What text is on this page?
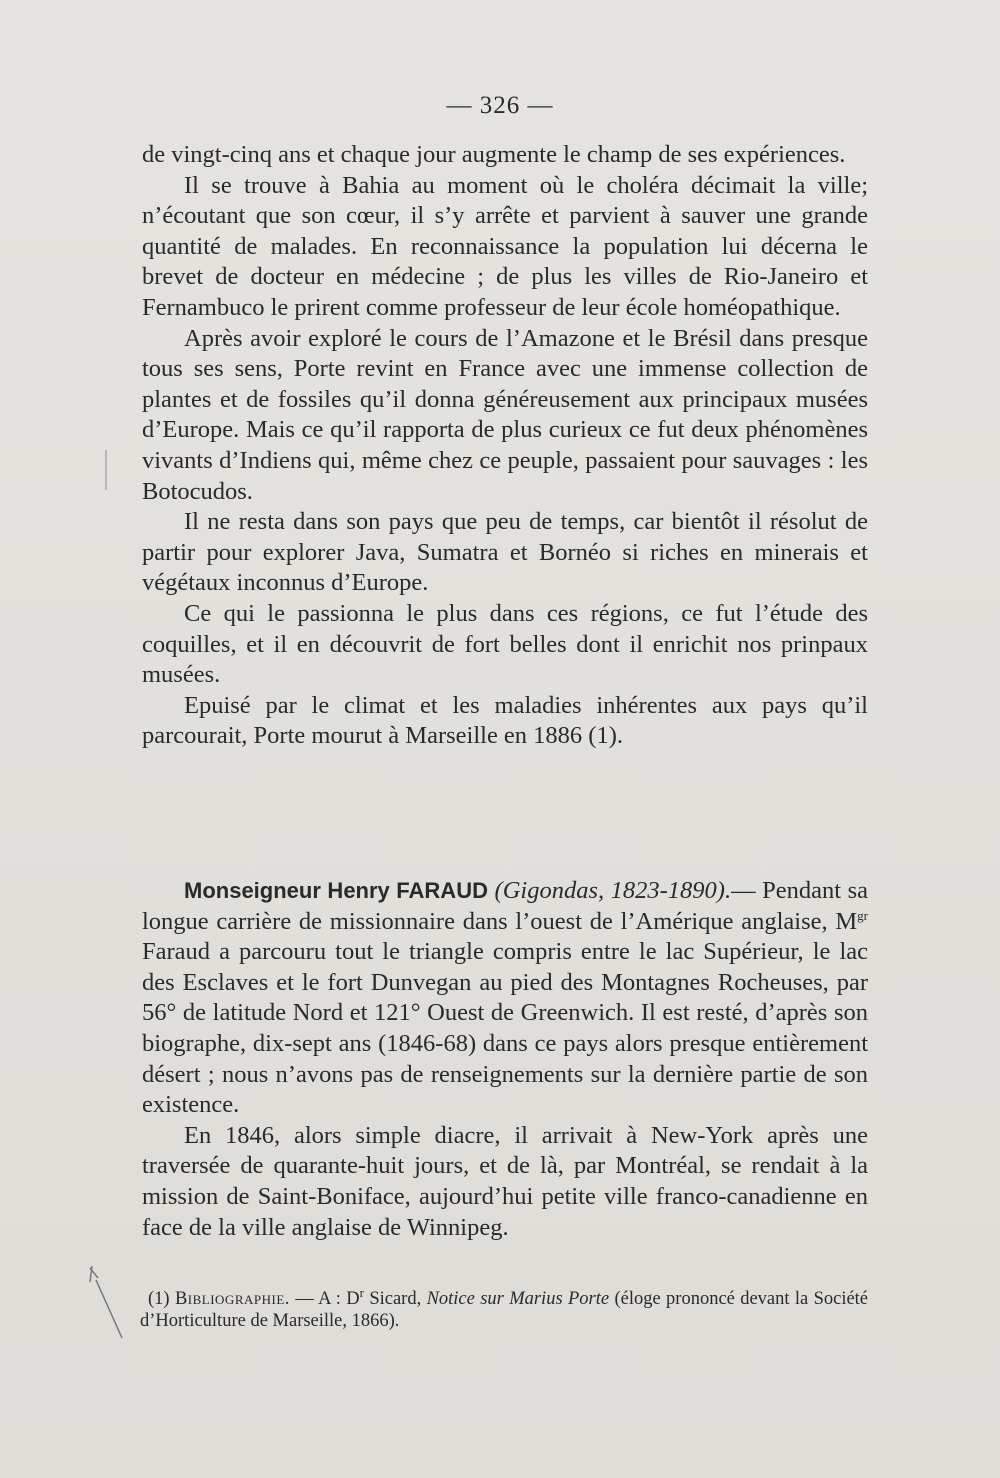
— 326 —

de vingt-cinq ans et chaque jour augmente le champ de ses expériences.

Il se trouve à Bahia au moment où le choléra décimait la ville; n’écoutant que son cœur, il s’y arrête et parvient à sauver une grande quantité de malades. En reconnaissance la population lui décerna le brevet de docteur en médecine ; de plus les villes de Rio-Janeiro et Fernambuco le prirent comme professeur de leur école homéopathique.

Après avoir exploré le cours de l’Amazone et le Brésil dans presque tous ses sens, Porte revint en France avec une immense collection de plantes et de fossiles qu’il donna généreusement aux principaux musées d’Europe. Mais ce qu’il rapporta de plus curieux ce fut deux phénomènes vivants d’Indiens qui, même chez ce peuple, passaient pour sauvages : les Botocudos.

Il ne resta dans son pays que peu de temps, car bientôt il résolut de partir pour explorer Java, Sumatra et Bornéo si riches en minerais et végétaux inconnus d’Europe.

Ce qui le passionna le plus dans ces régions, ce fut l’étude des coquilles, et il en découvrit de fort belles dont il enrichit nos prinpaux musées.

Epuisé par le climat et les maladies inhérentes aux pays qu’il parcourait, Porte mourut à Marseille en 1886 (1).

Monseigneur Henry FARAUD (Gigondas, 1823-1890).— Pendant sa longue carrière de missionnaire dans l’ouest de l’Amérique anglaise, $M^{gr}$ Faraud a parcouru tout le triangle compris entre le lac Supérieur, le lac des Esclaves et le fort Dunvegan au pied des Montagnes Rocheuses, par 56° de latitude Nord et 121° Ouest de Greenwich. Il est resté, d’après son biographe, dix-sept ans (1846-68) dans ce pays alors presque entièrement désert ; nous n’avons pas de renseignements sur la dernière partie de son existence.

En 1846, alors simple diacre, il arrivait à New-York après une traversée de quarante-huit jours, et de là, par Montréal, se rendait à la mission de Saint-Boniface, aujourd’hui petite ville franco-canadienne en face de la ville anglaise de Winnipeg.

(1) Bibliographie. — A : $D^r$ Sicard, Notice sur Marius Porte (éloge prononcé devant la Société d’Horticulture de Marseille, 1866).
